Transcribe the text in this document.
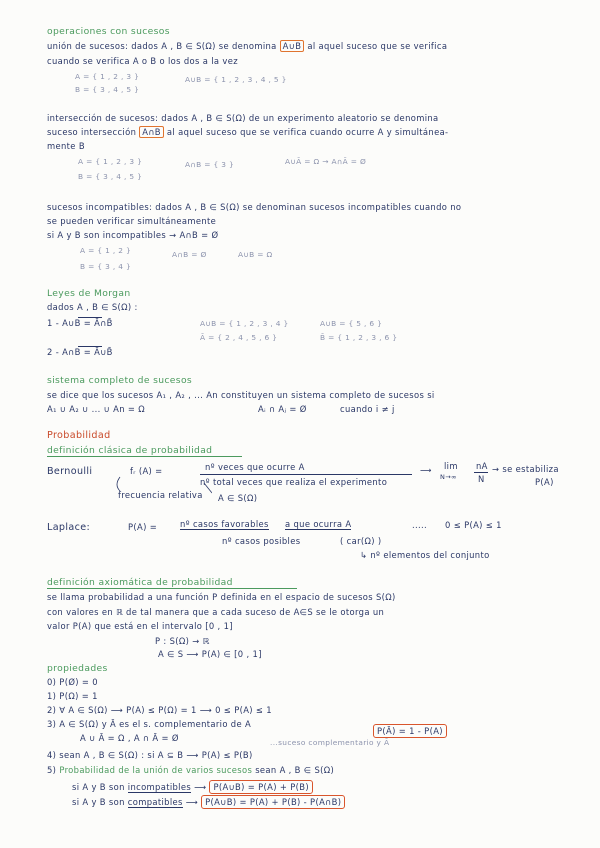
operaciones con sucesos
unión de sucesos: dados A , B ∈ S(Ω) se denomina A∪B al aquel suceso que se verifica
cuando se verifica A o B o los dos a la vez
A = { 1 , 2 , 3 }	A∪B = { 1 , 2 , 3 , 4 , 5 }
B = { 3 , 4 , 5 }
intersección de sucesos: dados A , B ∈ S(Ω) de un experimento aleatorio se denomina
suceso intersección A∩B al aquel suceso que se verifica cuando ocurre A y simultánea-
mente B
A = { 1 , 2 , 3 }	A∩B = { 3 }	A∪Ā = Ω → A∩Ā = Ø
B = { 3 , 4 , 5 }
sucesos incompatibles: dados A , B ∈ S(Ω) se denominan sucesos incompatibles cuando no
se pueden verificar simultáneamente
si A y B son incompatibles → A∩B = Ø
A = { 1 , 2 }	A∩B = Ø	A∪B = Ω
B = { 3 , 4 }
Leyes de Morgan
dados A , B ∈ S(Ω) :
1 - A∪B = Ā∩B̄
2 - A∩B = Ā∪B̄
A∪B = { 1 , 2 , 3 , 4 }	A∪B = { 5 , 6 }
Ā = { 2 , 4 , 5 , 6 }	B̄ = { 1 , 2 , 3 , 6 }
sistema completo de sucesos
se dice que los sucesos A₁ , A₂ , ... An constituyen un sistema completo de sucesos si
A₁ ∪ A₂ ∪ ... ∪ An = Ω	Aᵢ ∩ Aⱼ = Ø	cuando i ≠ j
Probabilidad
definición clásica de probabilidad
Bernoulli	fᵣ (A) =	nº veces que ocurre A
nº total veces que realiza el experimento
⟶ lim
N→∞
nA
N
→ se estabiliza
P(A)
frecuencia relativa A ∈ S(Ω)
Laplace:	P(A) =	nº casos favorables a que ocurra A	..... 0 ≤ P(A) ≤ 1
nº casos posibles	( car(Ω) )
↳ nº elementos del conjunto
definición axiomática de probabilidad
se llama probabilidad a una función P definida en el espacio de sucesos S(Ω)
con valores en ℝ de tal manera que a cada suceso de A∈S se le otorga un
valor P(A) que está en el intervalo [0 , 1]
P : S(Ω) → ℝ
A ∈ S ⟶ P(A) ∈ [0 , 1]
propiedades
0) P(Ø) = 0
1) P(Ω) = 1
2) ∀ A ∈ S(Ω) ⟶ P(A) ≤ P(Ω) = 1 ⟶ 0 ≤ P(A) ≤ 1
3) A ∈ S(Ω) y Ā es el s. complementario de A
A ∪ Ā = Ω , A ∩ Ā = Ø	...suceso complementario y Ā
P(Ā) = 1 - P(A)
4) sean A , B ∈ S(Ω) : si A ⊆ B ⟶ P(A) ≤ P(B)
5) Probabilidad de la unión de varios sucesos sean A , B ∈ S(Ω)
si A y B son incompatibles ⟶ P(A∪B) = P(A) + P(B)
si A y B son compatibles ⟶ P(A∪B) = P(A) + P(B) - P(A∩B)
